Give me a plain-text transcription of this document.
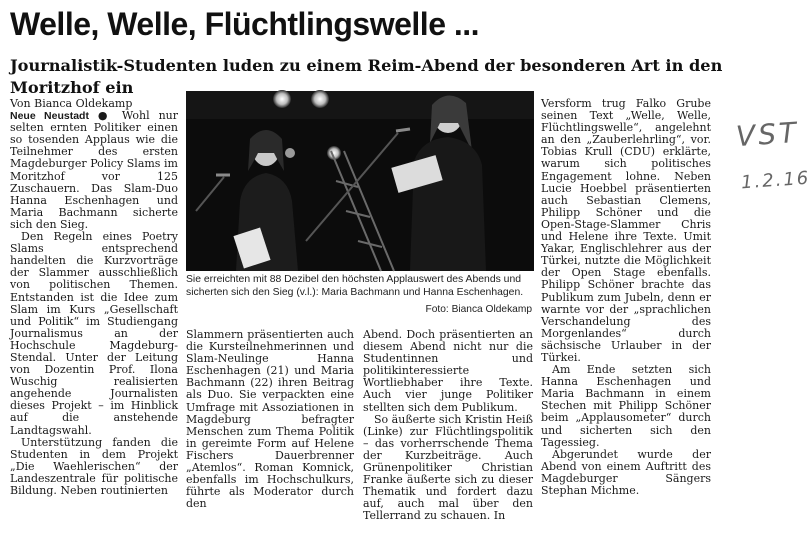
Welle, Welle, Flüchtlingswelle ...
Journalistik-Studenten luden zu einem Reim-Abend der besonderen Art in den Moritzhof ein

Von Bianca Oldekamp

Neue Neustadt ● Wohl nur selten ernten Politiker einen so tosenden Applaus wie die Teilnehmer des ersten Magdeburger Policy Slams im Moritzhof vor 125 Zuschauern. Das Slam-Duo Hanna Eschenhagen und Maria Bachmann sicherte sich den Sieg.

Den Regeln eines Poetry Slams entsprechend handelten die Kurzvorträge der Slammer ausschließlich von politischen Themen. Entstanden ist die Idee zum Slam im Kurs „Gesellschaft und Politik“ im Studiengang Journalismus an der Hochschule Magdeburg-Stendal. Unter der Leitung von Dozentin Prof. Ilona Wuschig realisierten angehende Journalisten dieses Projekt – im Hinblick auf die anstehende Landtagswahl.

Unterstützung fanden die Studenten in dem Projekt „Die Waehlerischen“ der Landeszentrale für politische Bildung. Neben routinierten

Sie erreichten mit 88 Dezibel den höchsten Applauswert des Abends und sicherten sich den Sieg (v.l.): Maria Bachmann und Hanna Eschenhagen.

Foto: Bianca Oldekamp

Slammern präsentierten auch die Kursteilnehmerinnen und Slam-Neulinge Hanna Eschenhagen (21) und Maria Bachmann (22) ihren Beitrag als Duo. Sie verpackten eine Umfrage mit Assoziationen in Magdeburg befragter Menschen zum Thema Politik in gereimte Form auf Helene Fischers Dauerbrenner „Atemlos“. Roman Komnick, ebenfalls im Hochschulkurs, führte als Moderator durch den

Abend. Doch präsentierten an diesem Abend nicht nur die Studentinnen und politikinteressierte Wortliebhaber ihre Texte. Auch vier junge Politiker stellten sich dem Publikum.

So äußerte sich Kristin Heiß (Linke) zur Flüchtlingspolitik – das vorherrschende Thema der Kurzbeiträge. Auch Grünenpolitiker Christian Franke äußerte sich zu dieser Thematik und fordert dazu auf, auch mal über den Tellerrand zu schauen. In

Versform trug Falko Grube seinen Text „Welle, Welle, Flüchtlingswelle“, angelehnt an den „Zauberlehrling“, vor. Tobias Krull (CDU) erklärte, warum sich politisches Engagement lohne. Neben Lucie Hoebbel präsentierten auch Sebastian Clemens, Philipp Schöner und die Open-Stage-Slammer Chris und Helene ihre Texte. Umit Yakar, Englischlehrer aus der Türkei, nutzte die Möglichkeit der Open Stage ebenfalls. Philipp Schöner brachte das Publikum zum Jubeln, denn er warnte vor der „sprachlichen Verschandelung des Morgenlandes“ durch sächsische Urlauber in der Türkei.

Am Ende setzten sich Hanna Eschenhagen und Maria Bachmann in einem Stechen mit Philipp Schöner beim „Applausometer“ durch und sicherten sich den Tagessieg.

Abgerundet wurde der Abend von einem Auftritt des Magdeburger Sängers Stephan Michme.

VST
1.2.16
